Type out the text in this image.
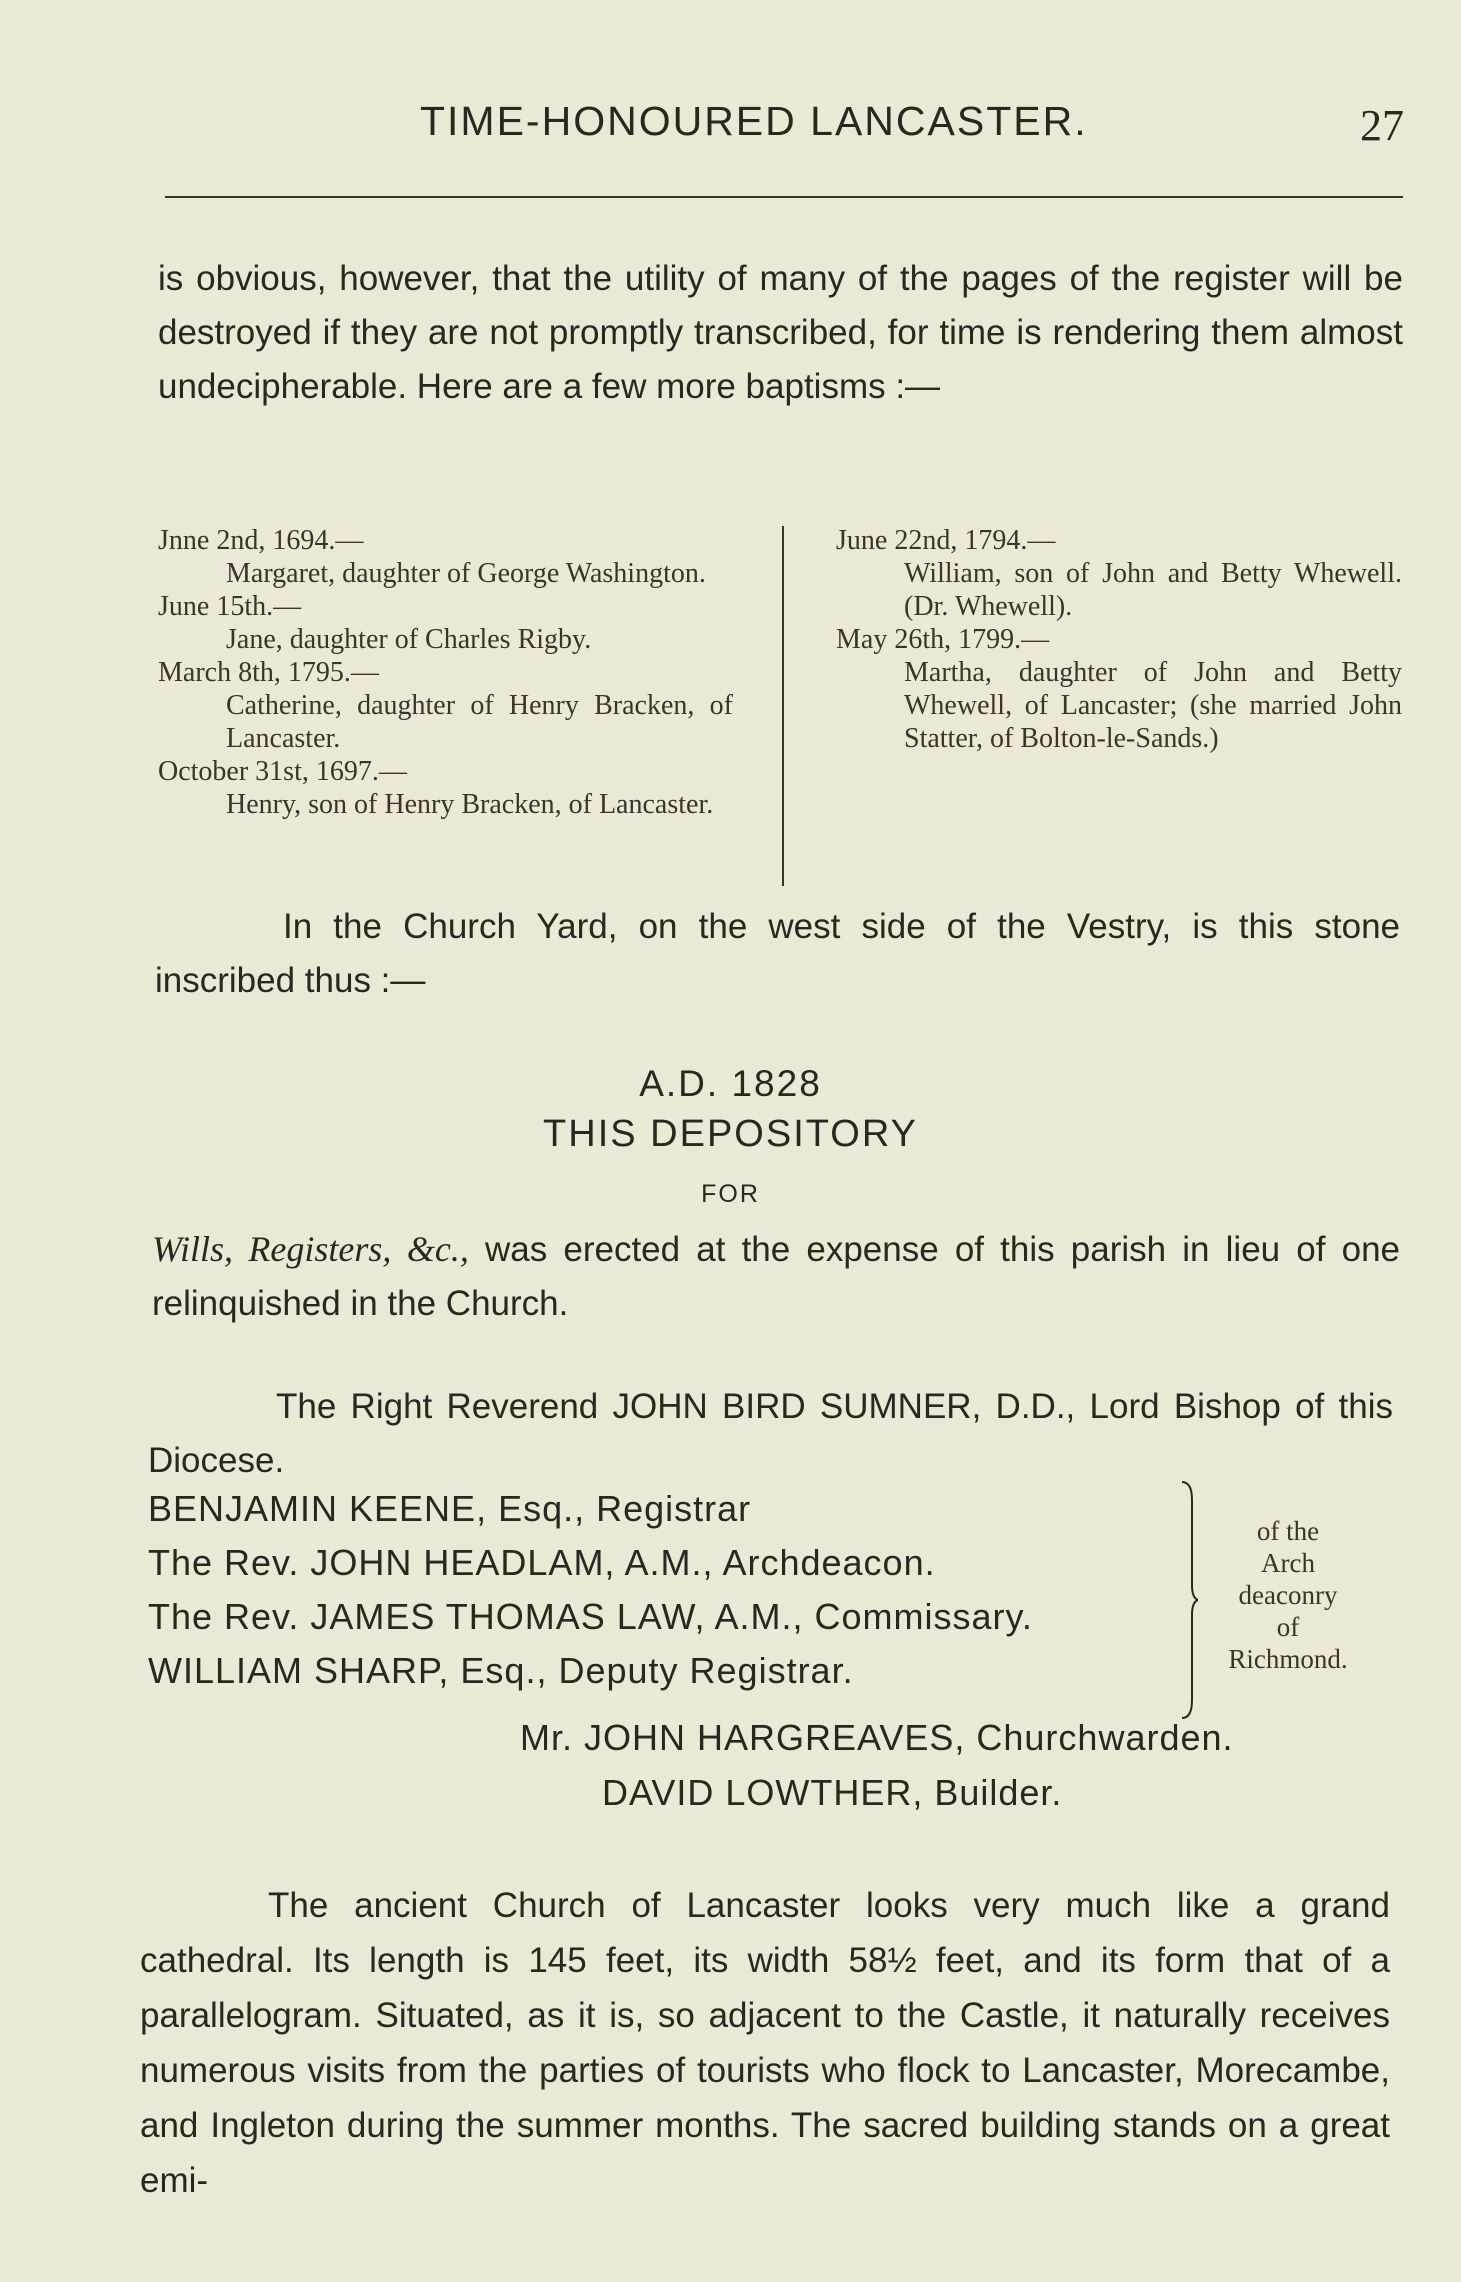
TIME-HONOURED LANCASTER.	27

is obvious, however, that the utility of many of the pages of the register will be destroyed if they are not promptly transcribed, for time is rendering them almost undecipherable. Here are a few more baptisms :—

Jnne 2nd, 1694.—

Margaret, daughter of George Washington.

June 15th.—

Jane, daughter of Charles Rigby.

March 8th, 1795.—

Catherine, daughter of Henry Bracken, of Lancaster.

October 31st, 1697.—

Henry, son of Henry Bracken, of Lancaster.

June 22nd, 1794.—

William, son of John and Betty Whewell. (Dr. Whewell).

May 26th, 1799.—

Martha, daughter of John and Betty Whewell, of Lancaster; (she married John Statter, of Bolton-le-Sands.)

In the Church Yard, on the west side of the Vestry, is this stone inscribed thus :—

A.D. 1828
THIS DEPOSITORY
FOR

Wills, Registers, &c., was erected at the expense of this parish in lieu of one relinquished in the Church.

The Right Reverend JOHN BIRD SUMNER, D.D., Lord Bishop of this Diocese.

BENJAMIN KEENE, Esq., Registrar
The Rev. JOHN HEADLAM, A.M., Archdeacon.
The Rev. JAMES THOMAS LAW, A.M., Commissary.
WILLIAM SHARP, Esq., Deputy Registrar.
of the
Arch
deaconry
of
Richmond.
Mr. JOHN HARGREAVES, Churchwarden.
DAVID LOWTHER, Builder.

The ancient Church of Lancaster looks very much like a grand cathedral. Its length is 145 feet, its width 58½ feet, and its form that of a parallelogram. Situated, as it is, so adjacent to the Castle, it naturally receives numerous visits from the parties of tourists who flock to Lancaster, Morecambe, and Ingleton during the summer months. The sacred building stands on a great emi-
